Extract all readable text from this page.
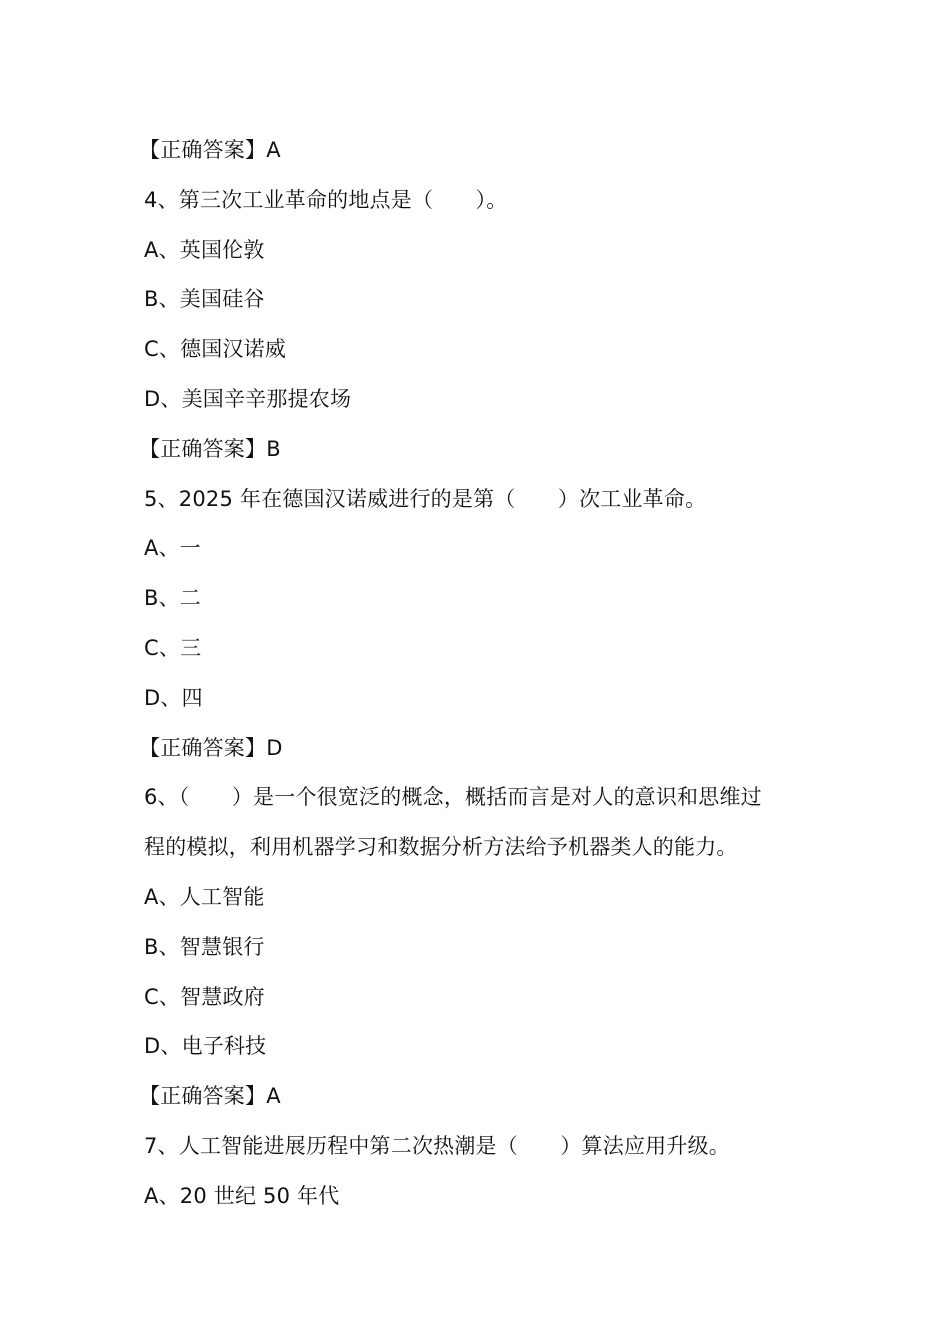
【正确答案】A
4、第三次工业革命的地点是（　　）。
A、英国伦敦
B、美国硅谷
C、德国汉诺威
D、美国辛辛那提农场
【正确答案】B
5、2025 年在德国汉诺威进行的是第（　　）次工业革命。
A、一
B、二
C、三
D、四
【正确答案】D
6、（　　）是一个很宽泛的概念，概括而言是对人的意识和思维过
程的模拟，利用机器学习和数据分析方法给予机器类人的能力。
A、人工智能
B、智慧银行
C、智慧政府
D、电子科技
【正确答案】A
7、人工智能进展历程中第二次热潮是（　　）算法应用升级。
A、20 世纪 50 年代
